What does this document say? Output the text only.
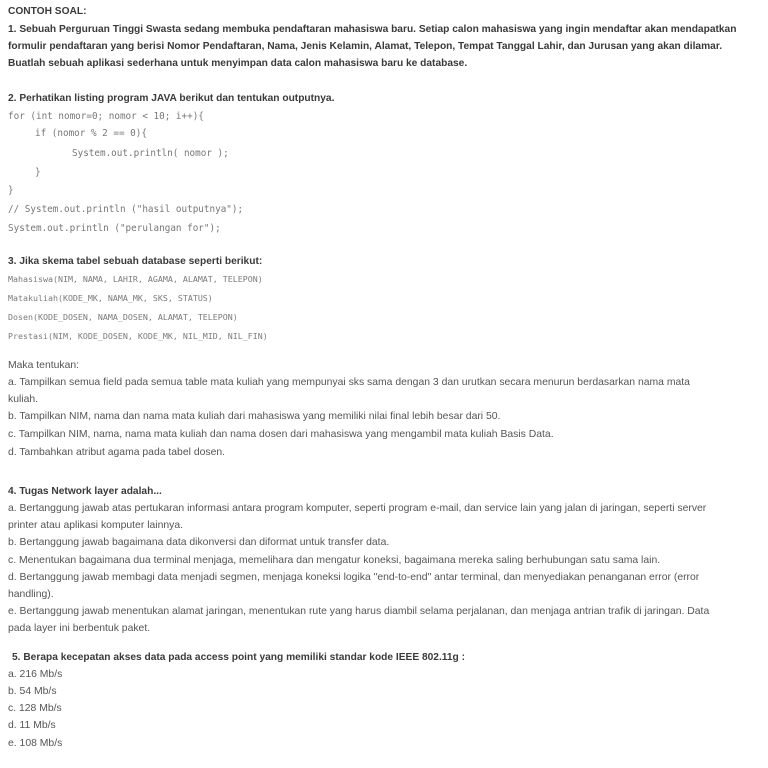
CONTOH SOAL:
1. Sebuah Perguruan Tinggi Swasta sedang membuka pendaftaran mahasiswa baru. Setiap calon mahasiswa yang ingin mendaftar akan mendapatkan
formulir pendaftaran yang berisi Nomor Pendaftaran, Nama, Jenis Kelamin, Alamat, Telepon, Tempat Tanggal Lahir, dan Jurusan yang akan dilamar.
Buatlah sebuah aplikasi sederhana untuk menyimpan data calon mahasiswa baru ke database.
2. Perhatikan listing program JAVA berikut dan tentukan outputnya.
for (int nomor=0; nomor < 10; i++){
if (nomor % 2 == 0){
System.out.println( nomor );
}
}
// System.out.println ("hasil outputnya");
System.out.println ("perulangan for");
3. Jika skema tabel sebuah database seperti berikut:
Mahasiswa(NIM, NAMA, LAHIR, AGAMA, ALAMAT, TELEPON)
Matakuliah(KODE_MK, NAMA_MK, SKS, STATUS)
Dosen(KODE_DOSEN, NAMA_DOSEN, ALAMAT, TELEPON)
Prestasi(NIM, KODE_DOSEN, KODE_MK, NIL_MID, NIL_FIN)
Maka tentukan:
a. Tampilkan semua field pada semua table mata kuliah yang mempunyai sks sama dengan 3 dan urutkan secara menurun berdasarkan nama mata
kuliah.
b. Tampilkan NIM, nama dan nama mata kuliah dari mahasiswa yang memiliki nilai final lebih besar dari 50.
c. Tampilkan NIM, nama, nama mata kuliah dan nama dosen dari mahasiswa yang mengambil mata kuliah Basis Data.
d. Tambahkan atribut agama pada tabel dosen.
4. Tugas Network layer adalah...
a. Bertanggung jawab atas pertukaran informasi antara program komputer, seperti program e-mail, dan service lain yang jalan di jaringan, seperti server
printer atau aplikasi komputer lainnya.
b. Bertanggung jawab bagaimana data dikonversi dan diformat untuk transfer data.
c. Menentukan bagaimana dua terminal menjaga, memelihara dan mengatur koneksi, bagaimana mereka saling berhubungan satu sama lain.
d. Bertanggung jawab membagi data menjadi segmen, menjaga koneksi logika "end-to-end" antar terminal, dan menyediakan penanganan error (error
handling).
e. Bertanggung jawab menentukan alamat jaringan, menentukan rute yang harus diambil selama perjalanan, dan menjaga antrian trafik di jaringan. Data
pada layer ini berbentuk paket.
5. Berapa kecepatan akses data pada access point yang memiliki standar kode IEEE 802.11g :
a. 216 Mb/s
b. 54 Mb/s
c. 128 Mb/s
d. 11 Mb/s
e. 108 Mb/s
